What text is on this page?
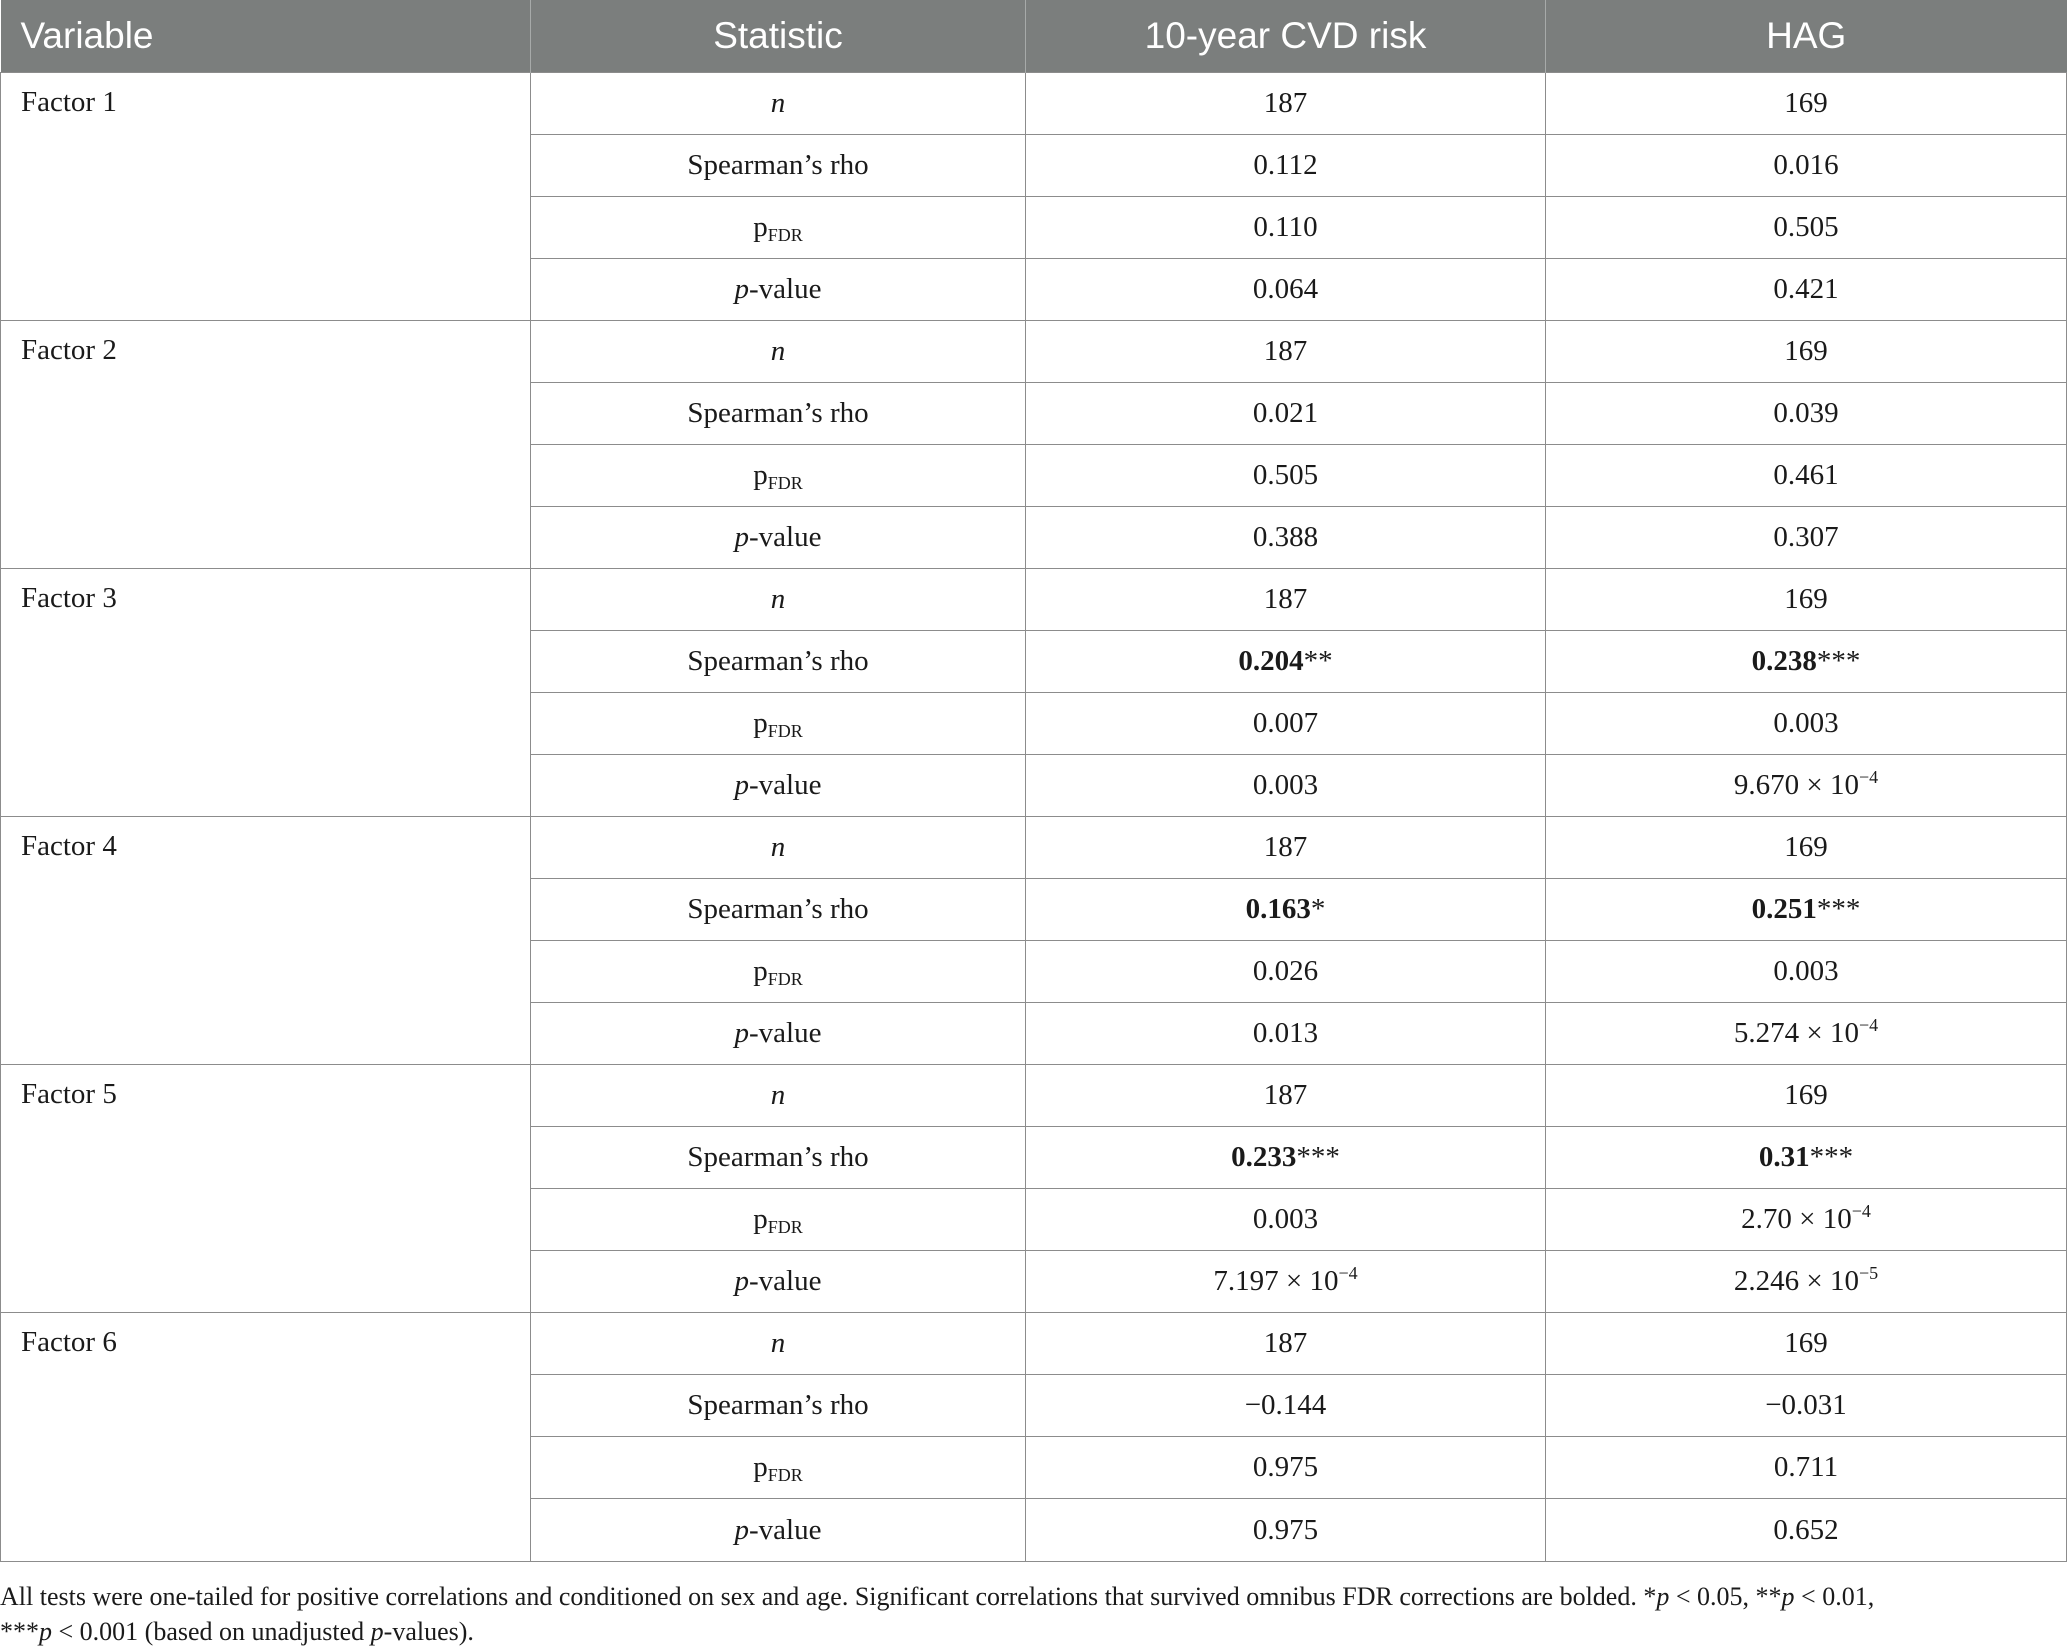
Variable	Statistic	10-year CVD risk	HAG
Factor 1	n	187	169
	Spearman’s rho	0.112	0.016
	pFDR	0.110	0.505
	p-value	0.064	0.421
Factor 2	n	187	169
	Spearman’s rho	0.021	0.039
	pFDR	0.505	0.461
	p-value	0.388	0.307
Factor 3	n	187	169
	Spearman’s rho	0.204**	0.238***
	pFDR	0.007	0.003
	p-value	0.003	$9.670 \times 10^{-4}$
Factor 4	n	187	169
	Spearman’s rho	0.163*	0.251***
	pFDR	0.026	0.003
	p-value	0.013	$5.274 \times 10^{-4}$
Factor 5	n	187	169
	Spearman’s rho	0.233***	0.31***
	pFDR	0.003	$2.70 \times 10^{-4}$
	p-value	$7.197 \times 10^{-4}$	$2.246 \times 10^{-5}$
Factor 6	n	187	169
	Spearman’s rho	−0.144	−0.031
	pFDR	0.975	0.711
	p-value	0.975	0.652
All tests were one-tailed for positive correlations and conditioned on sex and age. Significant correlations that survived omnibus FDR corrections are bolded. *p < 0.05, **p < 0.01,
***p < 0.001 (based on unadjusted p-values).
